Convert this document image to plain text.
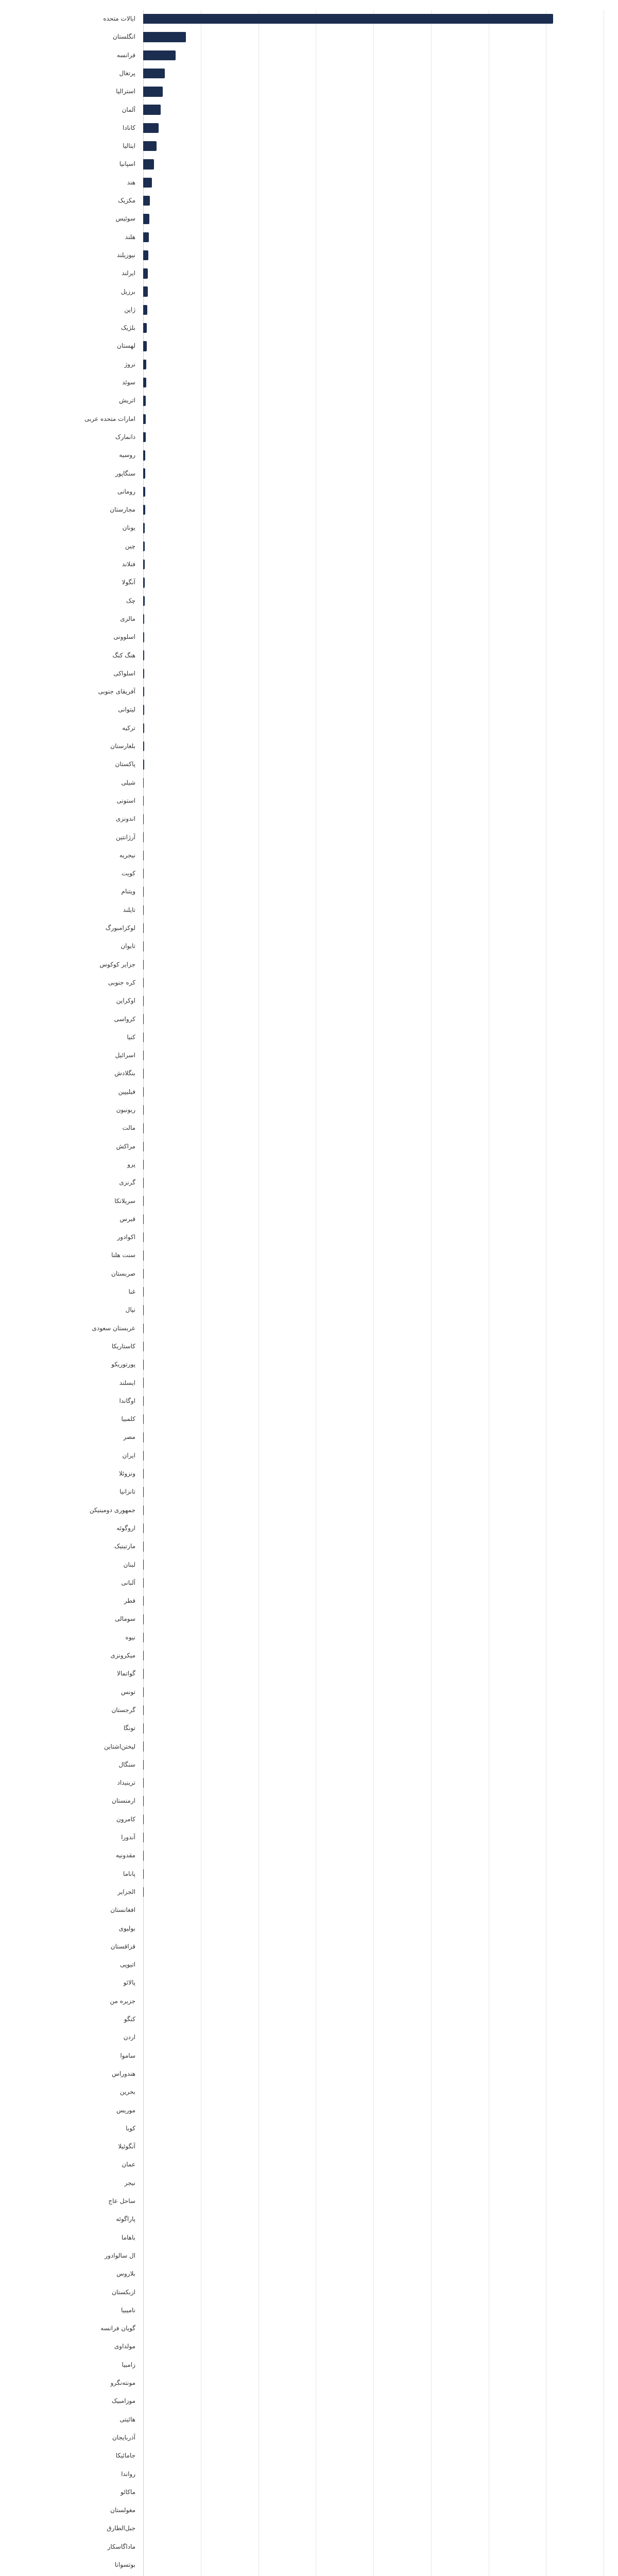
ایالات متحده
انگلستان
فرانسه
پرتغال
استرالیا
آلمان
کانادا
ایتالیا
اسپانیا
هند
مکزیک
سوئیس
هلند
نیوزیلند
ایرلند
برزیل
ژاپن
بلژیک
لهستان
نروژ
سوئد
اتریش
امارات متحده عربی
دانمارک
روسیه
سنگاپور
رومانی
مجارستان
یونان
چین
فنلاند
آنگولا
چک
مالزی
اسلوونی
هنگ کنگ
اسلواکی
آفریقای جنوبی
لیتوانی
ترکیه
بلغارستان
پاکستان
شیلی
استونی
اندونزی
آرژانتین
نیجریه
کویت
ویتنام
تایلند
لوکزامبورگ
تایوان
جزایر کوکوس
کره جنوبی
اوکراین
کرواسی
کنیا
اسرائیل
بنگلادش
فیلیپین
ریونیون
مالت
مراکش
پرو
گرنزی
سریلانکا
قبرس
اکوادور
سنت هلنا
صربستان
غنا
نپال
عربستان سعودی
کاستاریکا
پورتوریکو
ایسلند
اوگاندا
کلمبیا
مصر
ایران
ونزوئلا
تانزانیا
جمهوری دومینیکن
اروگوئه
مارتینیک
لبنان
آلبانی
قطر
سومالی
نیوه
میکرونزی
گواتمالا
تونس
گرجستان
تونگا
لیختن‌اشتاین
سنگال
ترینیداد
ارمنستان
کامرون
آندورا
مقدونیه
پاناما
الجزایر
افغانستان
بولیوی
قزاقستان
اتیوپی
پالائو
جزیره من
کنگو
اردن
ساموا
هندوراس
بحرین
موریس
کوبا
آنگوئیلا
عمان
نیجر
ساحل عاج
پاراگوئه
باهاما
ال سالوادور
بلاروس
ازبکستان
نامیبیا
گویان فرانسه
مولداوی
زامبیا
مونته‌نگرو
موزامبیک
هائیتی
آذربایجان
جامائیکا
رواندا
ماکائو
مغولستان
جبل‌الطارق
ماداگاسکار
بوتسوانا
